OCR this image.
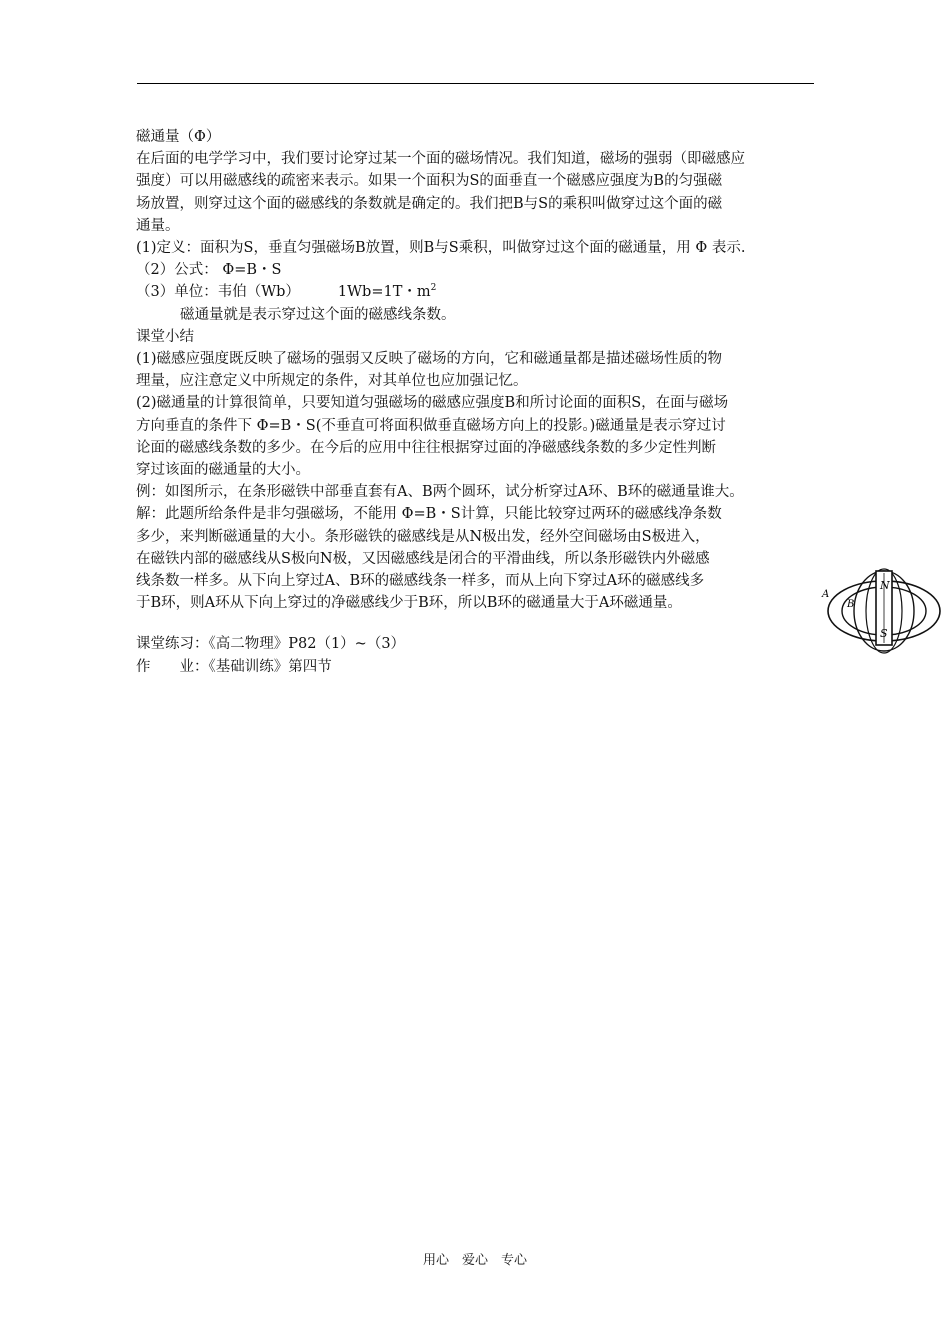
磁通量（Φ）

在后面的电学学习中，我们要讨论穿过某一个面的磁场情况。我们知道，磁场的强弱（即磁感应

强度）可以用磁感线的疏密来表示。如果一个面积为S的面垂直一个磁感应强度为B的匀强磁

场放置，则穿过这个面的磁感线的条数就是确定的。我们把B与S的乘积叫做穿过这个面的磁

通量。

(1)定义：面积为S，垂直匀强磁场B放置，则B与S乘积，叫做穿过这个面的磁通量，用 Φ 表示.

（2）公式： Φ=B・S

（3）单位：韦伯（Wb）	1Wb=1T・$m^2$

磁通量就是表示穿过这个面的磁感线条数。

课堂小结

(1)磁感应强度既反映了磁场的强弱又反映了磁场的方向，它和磁通量都是描述磁场性质的物

理量，应注意定义中所规定的条件，对其单位也应加强记忆。

(2)磁通量的计算很简单，只要知道匀强磁场的磁感应强度B和所讨论面的面积S，在面与磁场

方向垂直的条件下 Φ=B・S(不垂直可将面积做垂直磁场方向上的投影。)磁通量是表示穿过讨

论面的磁感线条数的多少。在今后的应用中往往根据穿过面的净磁感线条数的多少定性判断

穿过该面的磁通量的大小。

例：如图所示，在条形磁铁中部垂直套有A、B两个圆环，试分析穿过A环、B环的磁通量谁大。

解：此题所给条件是非匀强磁场，不能用 Φ=B・S计算，只能比较穿过两环的磁感线净条数

多少，来判断磁通量的大小。条形磁铁的磁感线是从N极出发，经外空间磁场由S极进入，

在磁铁内部的磁感线从S极向N极，又因磁感线是闭合的平滑曲线，所以条形磁铁内外磁感

线条数一样多。从下向上穿过A、B环的磁感线条一样多，而从上向下穿过A环的磁感线多

于B环，则A环从下向上穿过的净磁感线少于B环，所以B环的磁通量大于A环磁通量。

课堂练习：《高二物理》P82（1）~（3）

作　　业：《基础训练》第四节

N
S
A
B
用心　爱心　专心
